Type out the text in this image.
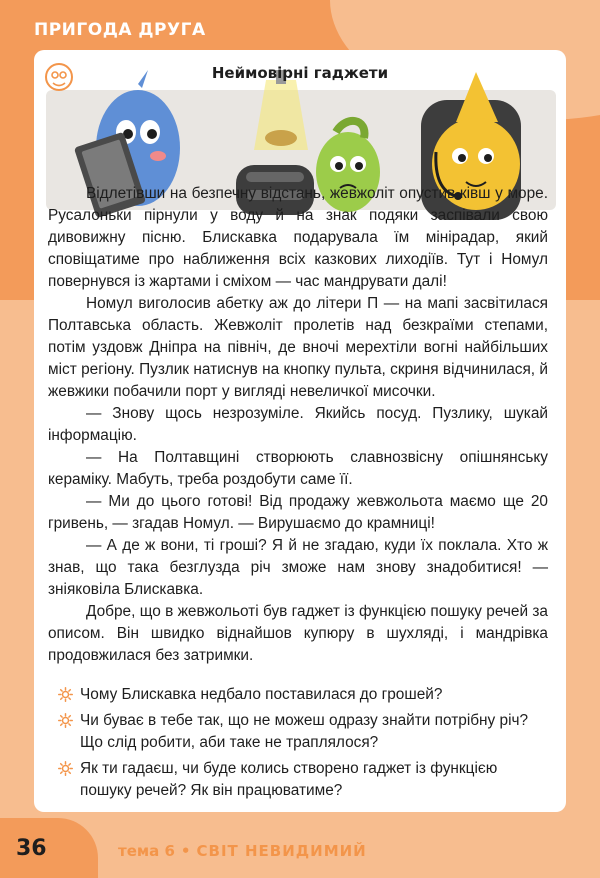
ПРИГОДА ДРУГА
Неймовірні гаджети

Відлетівши на безпечну відстань, жевжоліт опустив ківш у море. Русалоньки пірнули у воду й на знак подяки заспівали свою дивовижну пісню. Блискавка подарувала їм мінірадар, який сповіщатиме про наближення всіх казкових лиходіїв. Тут і Номул повернувся із жартами і сміхом — час мандрувати далі!

Номул виголосив абетку аж до літери П — на мапі засвітилася Полтавська область. Жевжоліт пролетів над безкраїми степами, потім уздовж Дніпра на північ, де вночі мерехтіли вогні найбільших міст регіону. Пузлик натиснув на кнопку пульта, скриня відчинилася, й жевжики побачили порт у вигляді невеличкої мисочки.

— Знову щось незрозуміле. Якийсь посуд. Пузлику, шукай інформацію.

— На Полтавщині створюють славнозвісну опішнянську кераміку. Мабуть, треба роздобути саме її.

— Ми до цього готові! Від продажу жевжольота маємо ще 20 гривень, — згадав Номул. — Вирушаємо до крамниці!

— А де ж вони, ті гроші? Я й не згадаю, куди їх поклала. Хто ж знав, що така безглузда річ зможе нам знову знадобитися! — зніяковіла Блискавка.

Добре, що в жевжольоті був гаджет із функцією пошуку речей за описом. Він швидко віднайшов купюру в шухляді, і мандрівка продовжилася без затримки.

Чому Блискавка недбало поставилася до грошей?
Чи буває в тебе так, що не можеш одразу знайти потрібну річ? Що слід робити, аби таке не траплялося?
Як ти гадаєш, чи буде колись створено гаджет із функцією пошуку речей? Як він працюватиме?
36	тема 6 • СВІТ НЕВИДИМИЙ
